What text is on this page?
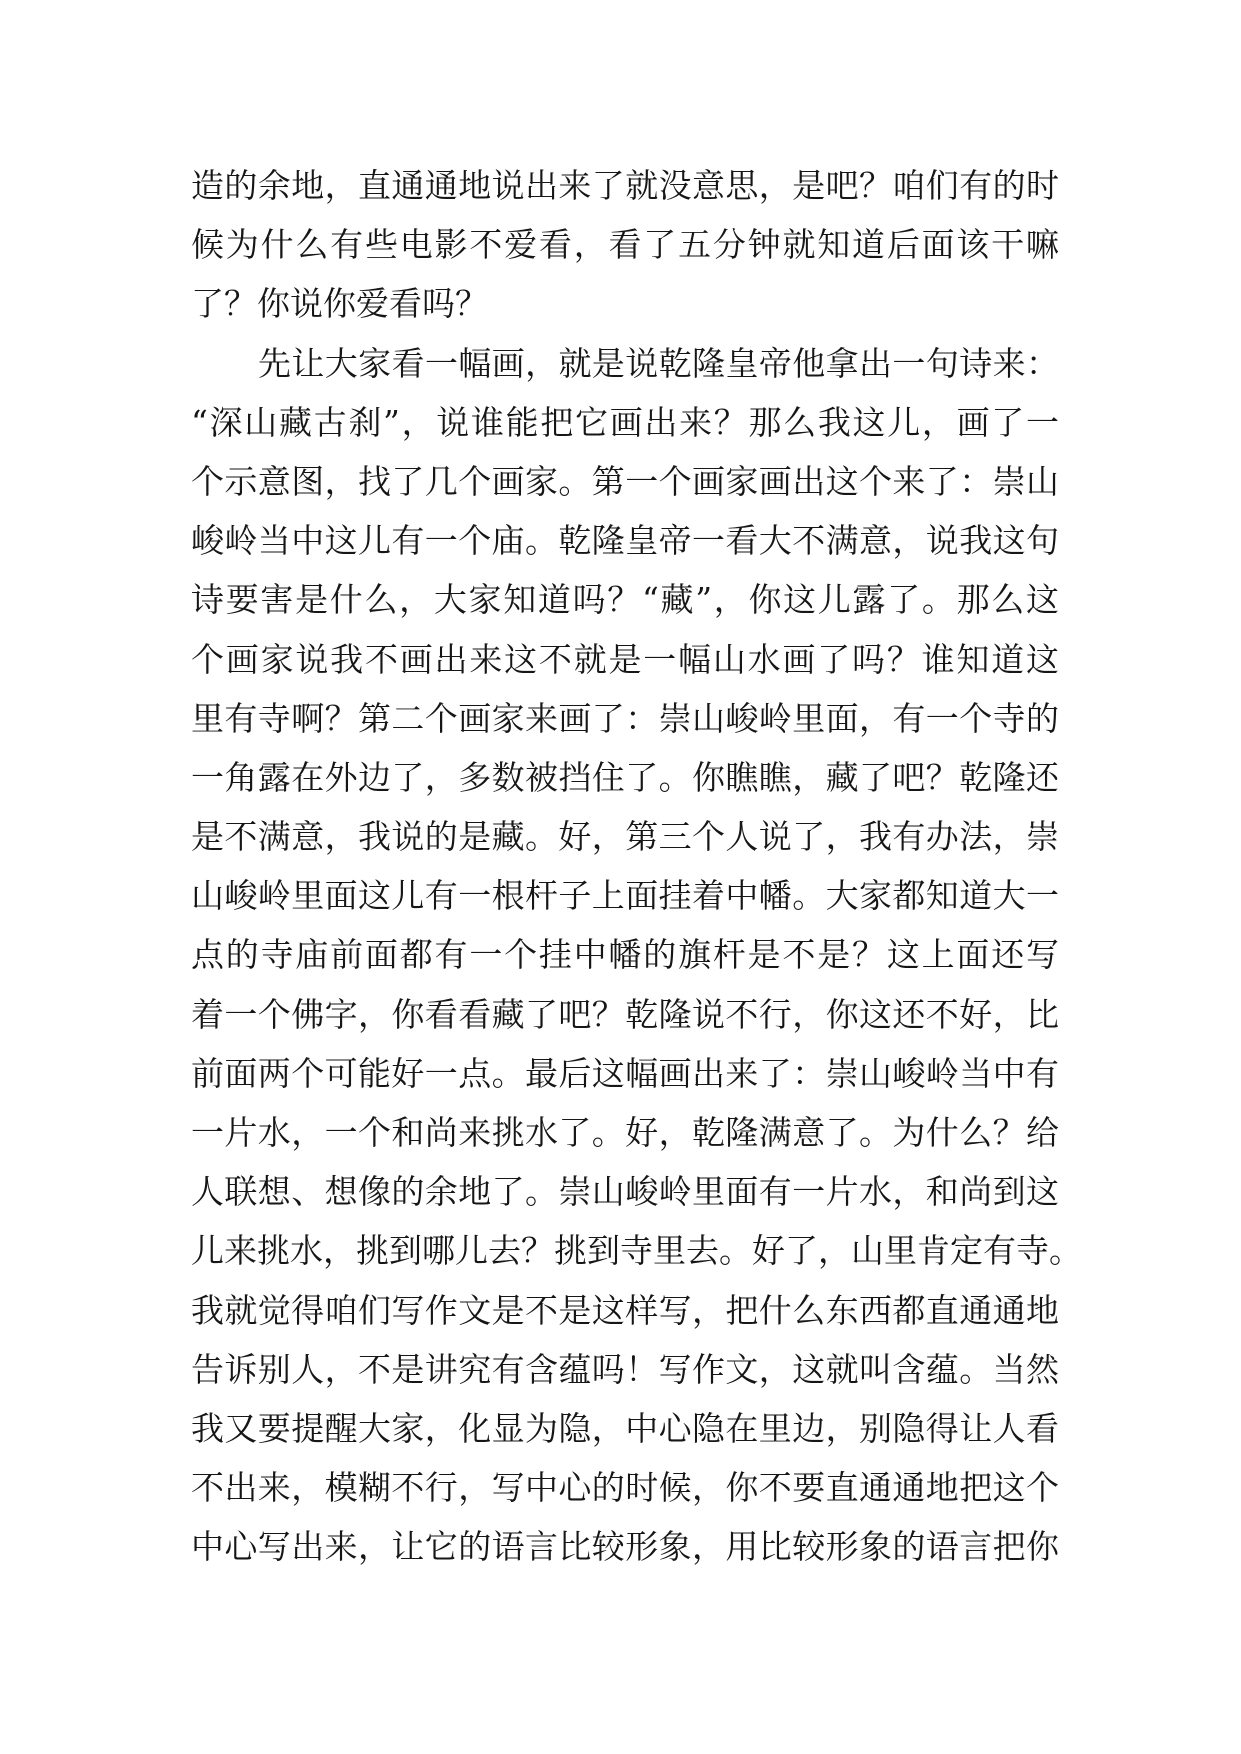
造的余地，直通通地说出来了就没意思，是吧？咱们有的时
候为什么有些电影不爱看，看了五分钟就知道后面该干嘛
了？你说你爱看吗？
先让大家看一幅画，就是说乾隆皇帝他拿出一句诗来：
“深山藏古刹”，说谁能把它画出来？那么我这儿，画了一
个示意图，找了几个画家。第一个画家画出这个来了：崇山
峻岭当中这儿有一个庙。乾隆皇帝一看大不满意，说我这句
诗要害是什么，大家知道吗？“藏”，你这儿露了。那么这
个画家说我不画出来这不就是一幅山水画了吗？谁知道这
里有寺啊？第二个画家来画了：崇山峻岭里面，有一个寺的
一角露在外边了，多数被挡住了。你瞧瞧，藏了吧？乾隆还
是不满意，我说的是藏。好，第三个人说了，我有办法，崇
山峻岭里面这儿有一根杆子上面挂着中幡。大家都知道大一
点的寺庙前面都有一个挂中幡的旗杆是不是？这上面还写
着一个佛字，你看看藏了吧？乾隆说不行，你这还不好，比
前面两个可能好一点。最后这幅画出来了：崇山峻岭当中有
一片水，一个和尚来挑水了。好，乾隆满意了。为什么？给
人联想、想像的余地了。崇山峻岭里面有一片水，和尚到这
儿来挑水，挑到哪儿去？挑到寺里去。好了，山里肯定有寺。
我就觉得咱们写作文是不是这样写，把什么东西都直通通地
告诉别人，不是讲究有含蕴吗！写作文，这就叫含蕴。当然
我又要提醒大家，化显为隐，中心隐在里边，别隐得让人看
不出来，模糊不行，写中心的时候，你不要直通通地把这个
中心写出来，让它的语言比较形象，用比较形象的语言把你
